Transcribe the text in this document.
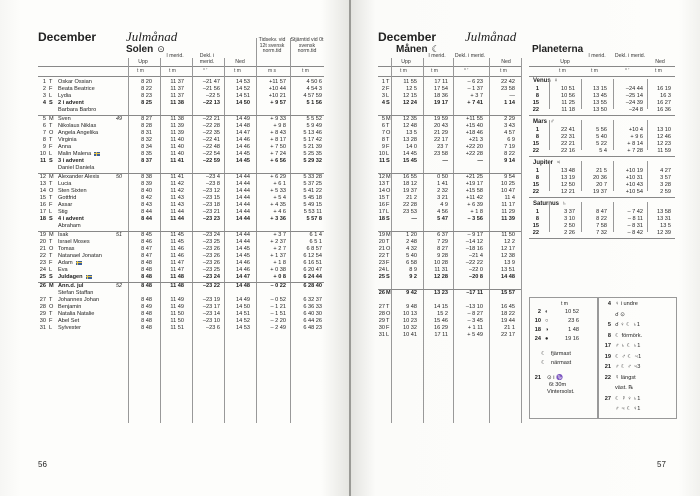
December Julmånad
Solen ⊙
Upp
I merid.	Dekl. i merid.	Ned
Tidsekv. vid 12t svensk norm.tid
Stjärntid vid 0t svensk norm.tid
t m	t m	° ′	t m	m s	t m
1 T Oskar Ossian	8 20	11 37	–21 47	14 53	+11 57	4 50 6
2 F Beata Beatrice	8 22	11 37	–21 56	14 52	+10 44	4 54 3
3 L	Lydia	8 23	11 37	–22 5	14 51	+10 21	4 57 59
4 S 2 i advent	8 25	11 38	–22 13	14 50	+ 9 57	5 1 56
Barbara Barbro
5 M Sven	8 27	11 38	–22 21	14 49	+ 9 33	5 5 52
49
6 T Nikolaus Niklas	8 28	11 39	–22 28	14 48	+ 9 8	5 9 49
7 O Angela Angelika	8 31	11 39	–22 35	14 47	+ 8 43	5 13 46
8 T Virginia	8 32	11 40	–22 41	14 46	+ 8 17	5 17 42
9 F Anna	8 34	11 40	–22 48	14 46	+ 7 50	5 21 39
10 L	Malin Malena	8 35	11 40	–22 54	14 45	+ 7 24	5 25 35
11 S 3 i advent	8 37	11 41	–22 59	14 45	+ 6 56	5 29 32
Daniel Daniela
12 M Alexander Alexis	8 38	11 41	–23 4	14 44	+ 6 29	5 33 28
50
13 T Lucia	8 39	11 42	–23 8	14 44	+ 6 1	5 37 25
14 O Sten Sixten	8 40	11 42	–23 12	14 44	+ 5 33	5 41 22
15 T Gottfrid	8 42	11 43	–23 15	14 44	+ 5 4	5 45 18
16 F Assar	8 43	11 43	–23 18	14 44	+ 4 35	5 49 15
17 L	Stig	8 44	11 44	–23 21	14 44	+ 4 6	5 53 11
18 S 4 i advent	8 44	11 44	–23 23	14 44	+ 3 36	5 57 8
Abraham
19 M Isak	8 45	11 45	–23 24	14 44	+ 3 7	6 1 4
51
20 T Israel Moses	8 46	11 45	–23 25	14 44	+ 2 37	6 5 1
21 O Tomas	8 47	11 46	–23 26	14 45	+ 2 7	6 8 57
22 T Natanael Jonatan	8 47	11 46	–23 26	14 45	+ 1 37	6 12 54
23 F Adam	8 48	11 47	–23 26	14 46	+ 1 8	6 16 51
24 L	Eva	8 48	11 47	–23 25	14 46	+ 0 38	6 20 47
25 S Juldagen	8 48	11 48	–23 24	14 47	+ 0 8	6 24 44
26 M Ann.d. jul	8 48	11 48	–23 22	14 48	– 0 22	6 28 40
52
Stefan Staffan
27 T Johannes Johan	8 48	11 49	–23 19	14 49	– 0 52	6 32 37
28 O Benjamin	8 49	11 49	–23 17	14 50	– 1 21	6 36 33
29 T Natalia Natalie	8 48	11 50	–23 14	14 51	– 1 51	6 40 30
30 F Abel Set	8 48	11 50	–23 10	14 52	– 2 20	6 44 26
31 L	Sylvester	8 48	11 51	–23 6	14 53	– 2 49	6 48 23
56
December Julmånad
Månen ☾	Planeterna
Upp
I merid.	Dekl. i merid.
Ned
t m	t m	° ′	t m
1 T	11 55	17 11	– 6 23	22 42
2 F	12 5	17 54	– 1 37	23 58
3 L	12 15	18 36	+ 3 7	—
4 S	12 24	19 17	+ 7 41	1 14
5 M	12 35	19 59	+11 55	2 29
6 T	12 48	20 43	+15 40	3 43
7 O	13 5	21 29	+18 46	4 57
8 T	13 28	22 17	+21 3	6 9
9 F	14 0	23 7	+22 20	7 19
10 L	14 45	23 58	+22 28	8 22
11 S	15 45	—	—	9 14
12 M	16 55	0 50	+21 25	9 54
13 T	18 12	1 41	+19 17	10 25
14 O	19 37	2 32	+15 58	10 47
15 T	21 2	3 21	+11 42	11 4
16 F	22 28	4 9	+ 6 39	11 17
17 L	23 53	4 56	+ 1 8	11 29
18 S	—	5 47	– 3 56	11 39
19 M	1 20	6 37	– 9 17	11 50
20 T	2 48	7 29	–14 12	12 2
21 O	4 32	8 27	–18 16	12 17
22 T	5 40	9 28	–21 4	12 38
23 F	6 58	10 28	–22 22	13 9
24 L	8 9	11 31	–22 0	13 51
25 S	9 2	12 28	–20 8	14 48
26 M	9 42	13 23	–17 11	15 57
27 T	9 48	14 15	–13 10	16 45
28 O	10 13	15 2	– 8 27	18 22
29 T	10 23	15 46	– 3 45	19 44
30 F	10 32	16 29	+ 1 11	21 1
31 L	10 41	17 11	+ 5 49	22 17
Upp
I merid.	Dekl. i merid.
Ned
t m	t m	° ′	t m
Venus ♀
1	10 51	13 15	–24 44	16 19
8	10 56	13 45	–25 14	16 3
15	11 25	13 55	–24 39	16 27
22	11 18	13 50	–24 8	16 36
Mars ♂
1	22 41	5 56	+10 4	13 10
8	22 31	5 40	+ 9 6	12 46
15	22 21	5 22	+ 8 14	12 23
22	22 16	5 4	+ 7 28	11 59
Jupiter ♃
1	13 48	21 5	+10 19	4 27
8	13 19	20 36	+10 31	3 57
15	12 50	20 7	+10 43	3 28
22	12 21	19 37	+10 54	2 59
Saturnus ♄
1	3 37	8 47	– 7 42	13 58
8	3 10	8 22	– 8 11	13 31
15	2 50	7 58	– 8 31	13 5
22	2 26	7 32	– 8 42	12 39
t m
2 ◐	10 52
10 ○	23 6
18 ◑	1 48
24 ●	19 16
☾ fjärmast
☾ närmast
21 ⊙ i ♑
6t 30m
Vintersolst.
4 ♀ i undre
☌ ⊙
5 ☌ ♀ ☾ ♄1
8 ☾ förmörk.
17 ♂ ♄ ☾ ♄1
19 ☾ ♂ ☾ ♃1
21 ♂ ☾ ♂ ♃3
22 ☿ längst
väst. ℞
27 ☾ ☿ ♀ ♄1
♂ ♃ ☾ ♀1
57
